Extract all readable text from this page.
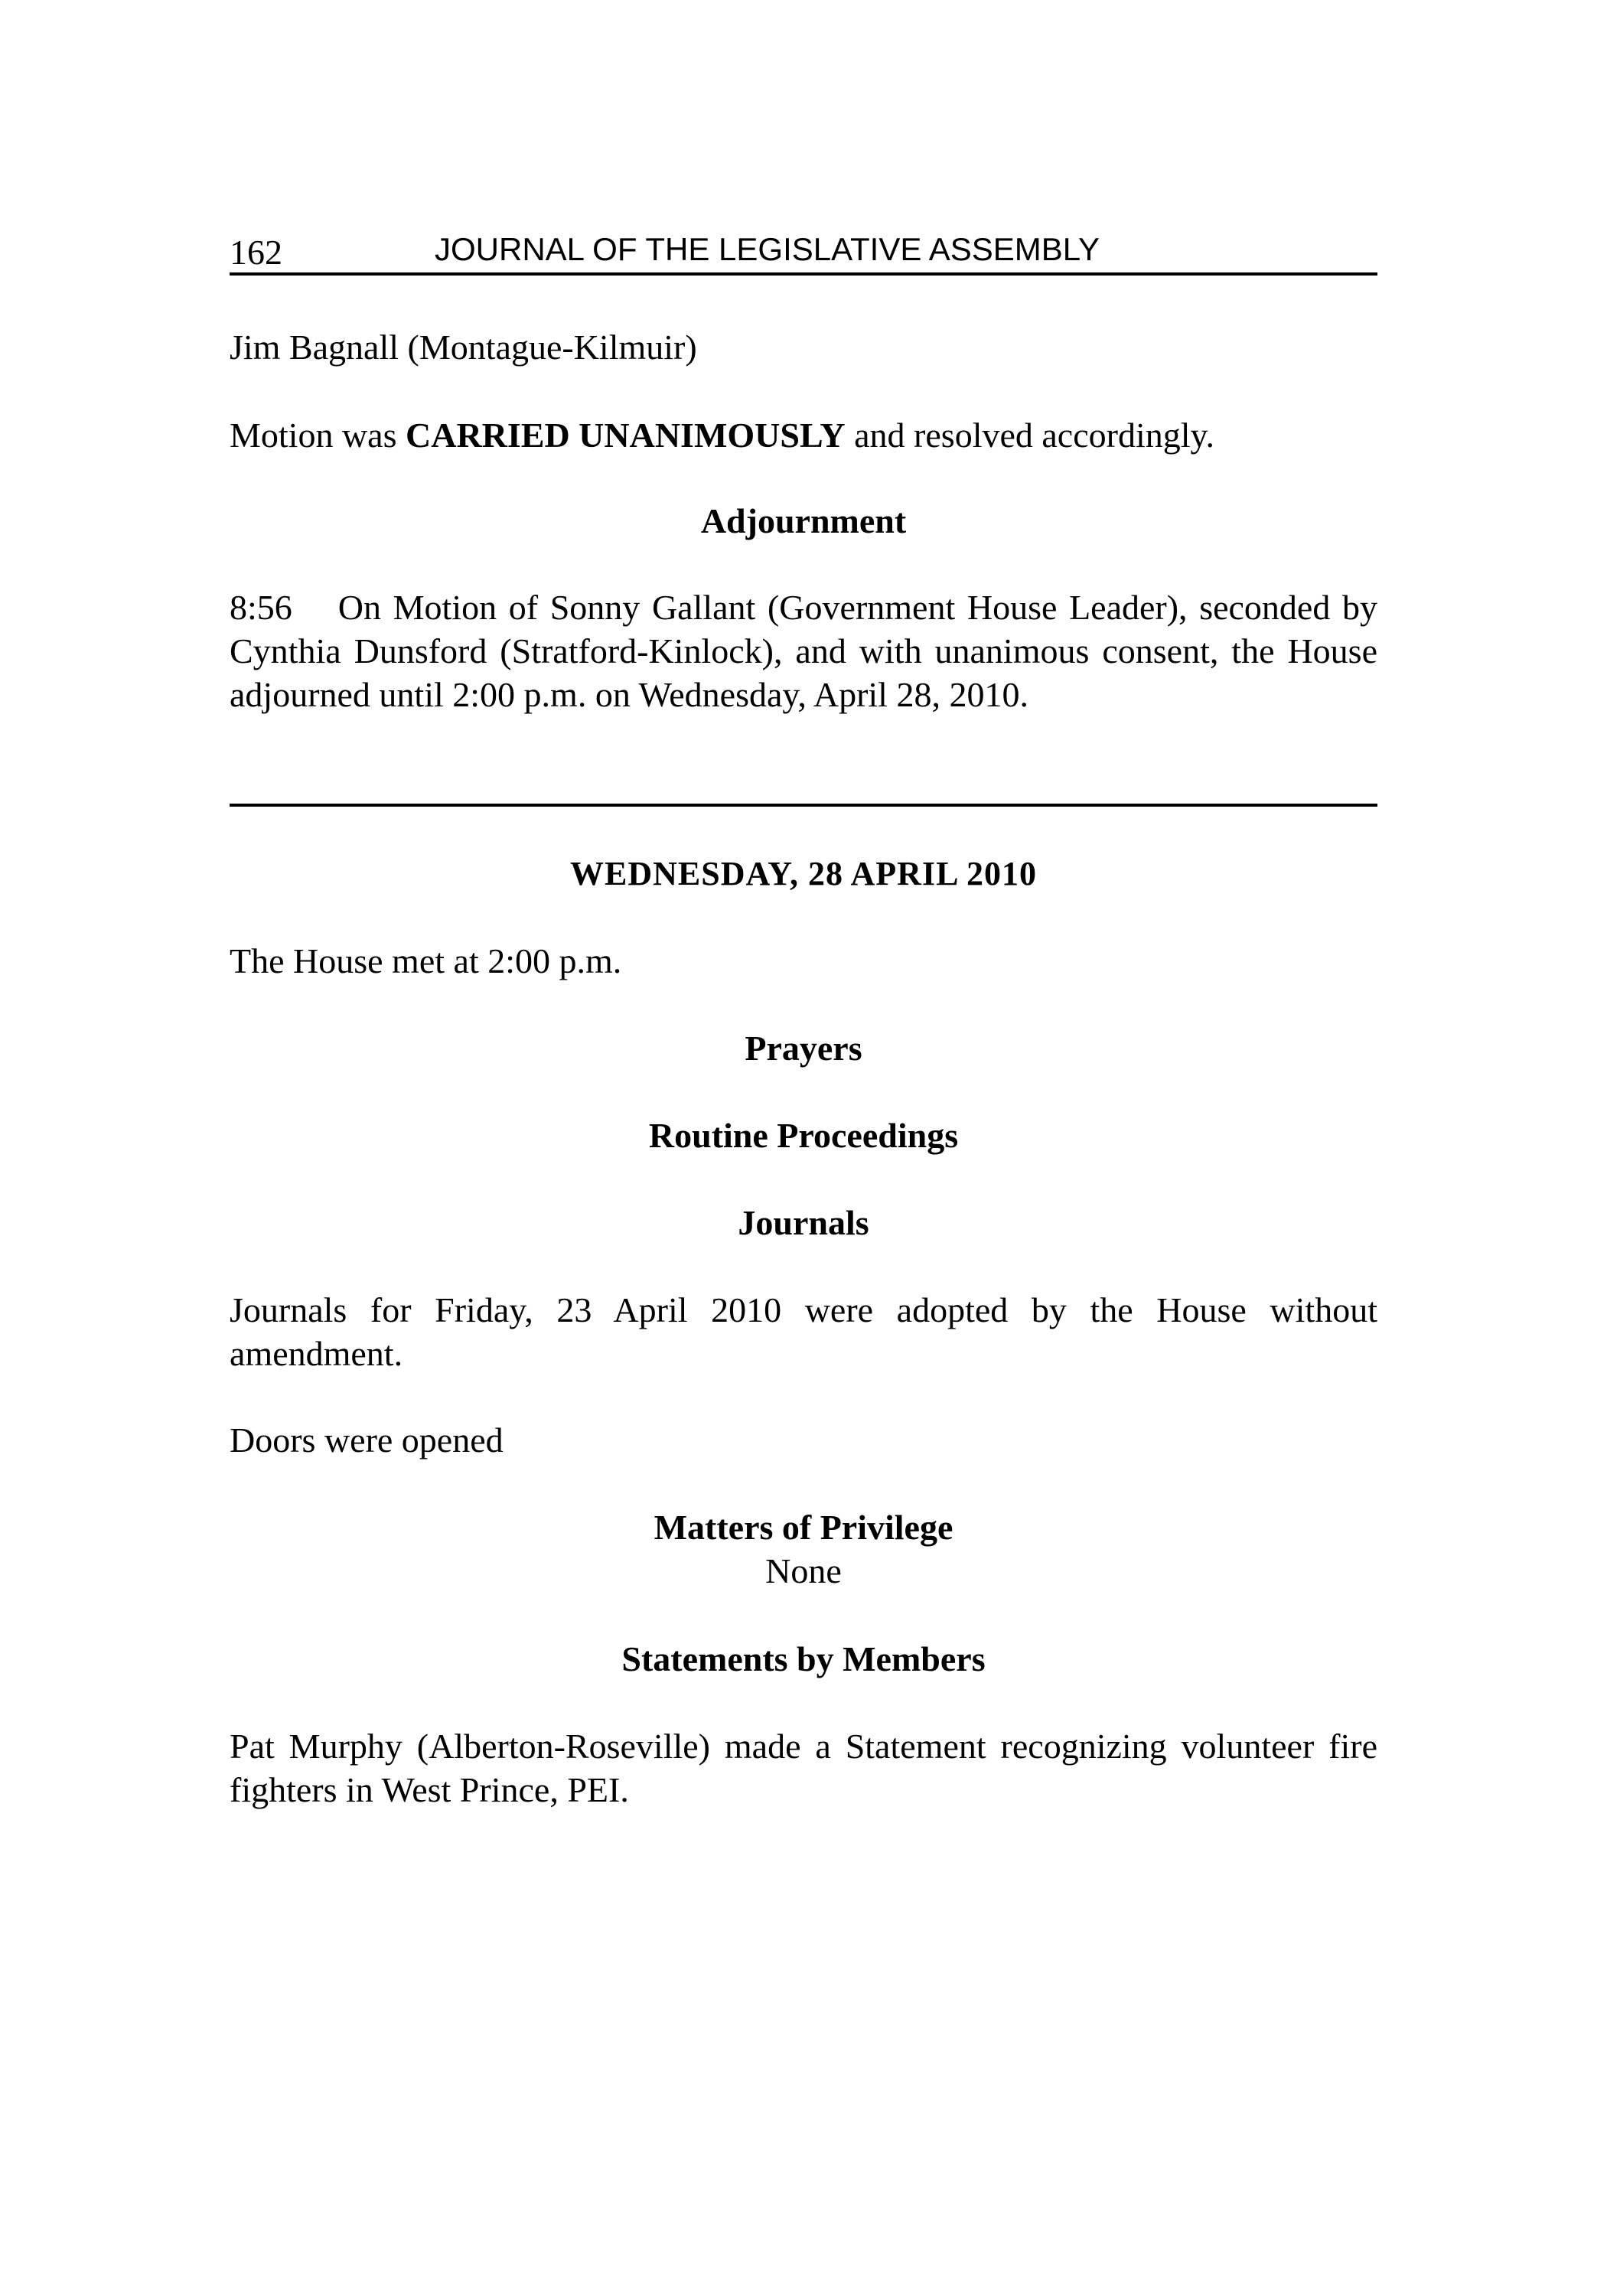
162	JOURNAL OF THE LEGISLATIVE ASSEMBLY

Jim Bagnall (Montague-Kilmuir)

Motion was CARRIED UNANIMOUSLY and resolved accordingly.

Adjournment

8:56 On Motion of Sonny Gallant (Government House Leader), seconded by Cynthia Dunsford (Stratford-Kinlock), and with unanimous consent, the House adjourned until 2:00 p.m. on Wednesday, April 28, 2010.

WEDNESDAY, 28 APRIL 2010

The House met at 2:00 p.m.

Prayers
Routine Proceedings
Journals

Journals for Friday, 23 April 2010 were adopted by the House without amendment.

Doors were opened

Matters of Privilege

None

Statements by Members

Pat Murphy (Alberton-Roseville) made a Statement recognizing volunteer fire fighters in West Prince, PEI.
